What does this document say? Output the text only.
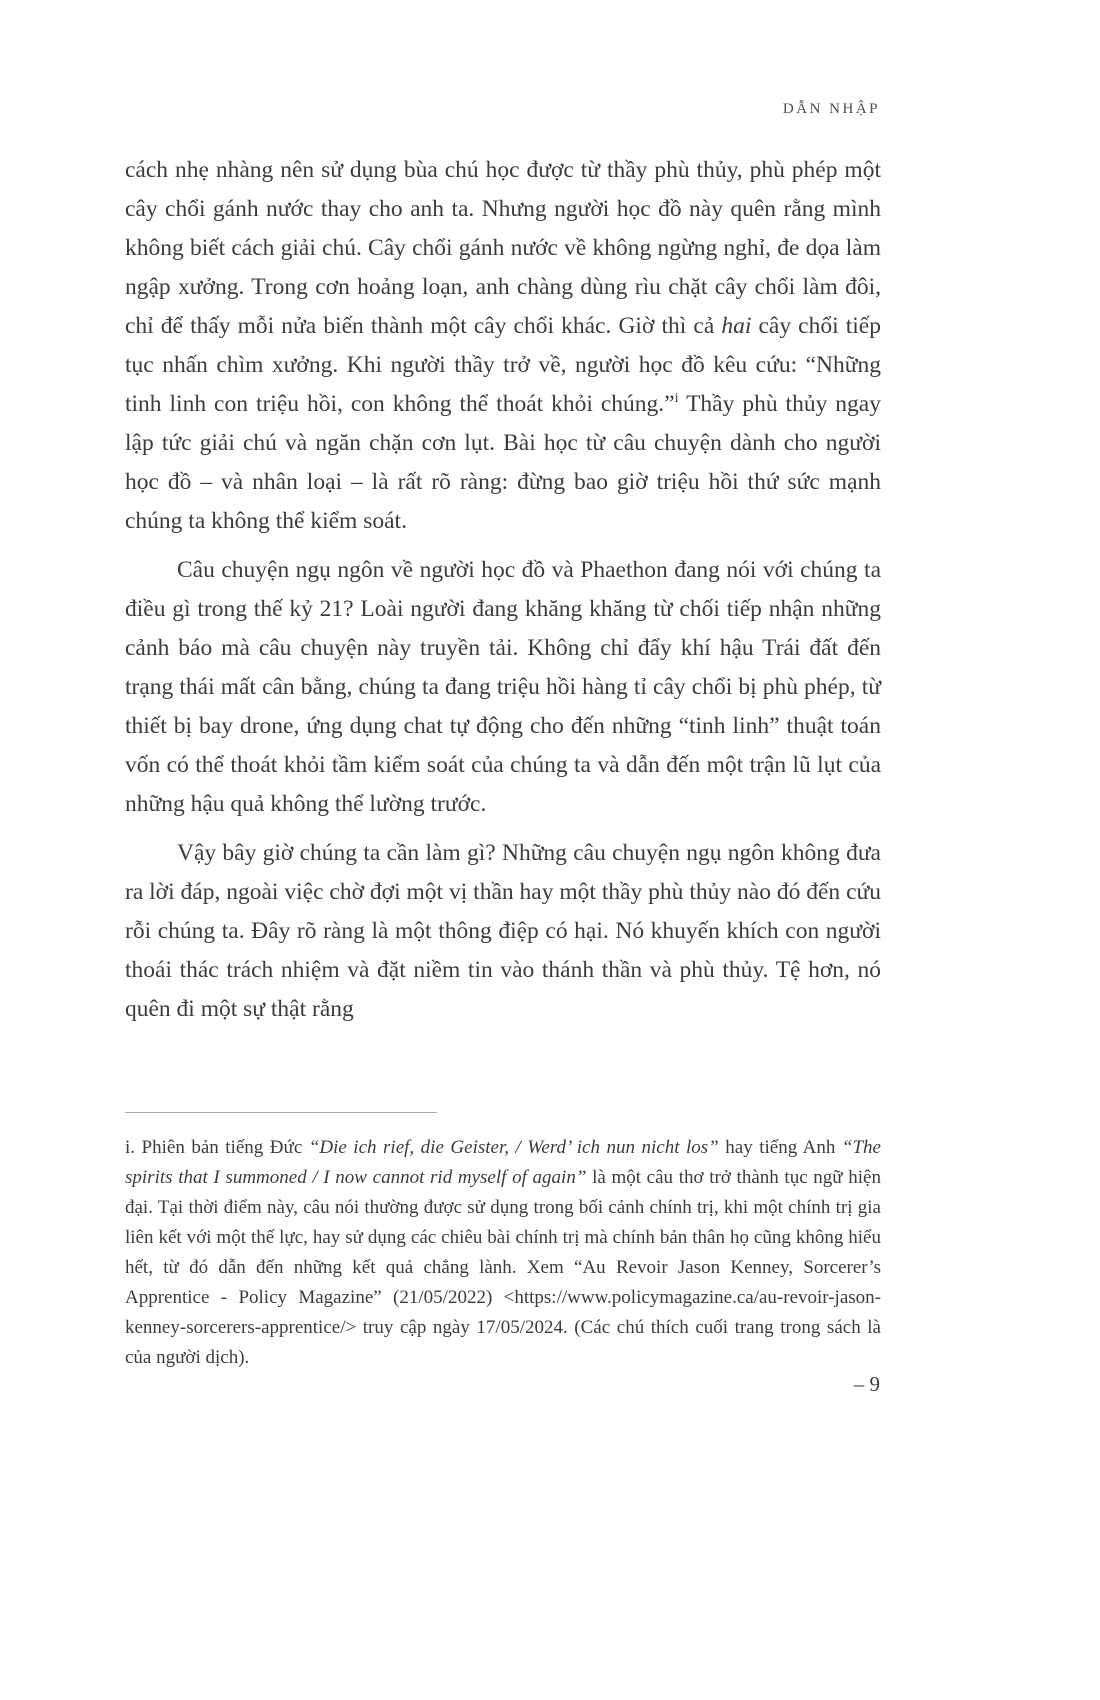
DẪN NHẬP

cách nhẹ nhàng nên sử dụng bùa chú học được từ thầy phù thủy, phù phép một cây chổi gánh nước thay cho anh ta. Nhưng người học đồ này quên rằng mình không biết cách giải chú. Cây chổi gánh nước về không ngừng nghỉ, đe dọa làm ngập xưởng. Trong cơn hoảng loạn, anh chàng dùng rìu chặt cây chổi làm đôi, chỉ để thấy mỗi nửa biến thành một cây chổi khác. Giờ thì cả hai cây chổi tiếp tục nhấn chìm xưởng. Khi người thầy trở về, người học đồ kêu cứu: “Những tinh linh con triệu hồi, con không thể thoát khỏi chúng.”$^i$ Thầy phù thủy ngay lập tức giải chú và ngăn chặn cơn lụt. Bài học từ câu chuyện dành cho người học đồ – và nhân loại – là rất rõ ràng: đừng bao giờ triệu hồi thứ sức mạnh chúng ta không thể kiểm soát.

Câu chuyện ngụ ngôn về người học đồ và Phaethon đang nói với chúng ta điều gì trong thế kỷ 21? Loài người đang khăng khăng từ chối tiếp nhận những cảnh báo mà câu chuyện này truyền tải. Không chỉ đẩy khí hậu Trái đất đến trạng thái mất cân bằng, chúng ta đang triệu hồi hàng tỉ cây chổi bị phù phép, từ thiết bị bay drone, ứng dụng chat tự động cho đến những “tinh linh” thuật toán vốn có thể thoát khỏi tầm kiểm soát của chúng ta và dẫn đến một trận lũ lụt của những hậu quả không thể lường trước.

Vậy bây giờ chúng ta cần làm gì? Những câu chuyện ngụ ngôn không đưa ra lời đáp, ngoài việc chờ đợi một vị thần hay một thầy phù thủy nào đó đến cứu rỗi chúng ta. Đây rõ ràng là một thông điệp có hại. Nó khuyến khích con người thoái thác trách nhiệm và đặt niềm tin vào thánh thần và phù thủy. Tệ hơn, nó quên đi một sự thật rằng

i. Phiên bản tiếng Đức “Die ich rief, die Geister, / Werd’ ich nun nicht los” hay tiếng Anh “The spirits that I summoned / I now cannot rid myself of again” là một câu thơ trở thành tục ngữ hiện đại. Tại thời điểm này, câu nói thường được sử dụng trong bối cảnh chính trị, khi một chính trị gia liên kết với một thế lực, hay sử dụng các chiêu bài chính trị mà chính bản thân họ cũng không hiểu hết, từ đó dẫn đến những kết quả chẳng lành. Xem “Au Revoir Jason Kenney, Sorcerer’s Apprentice - Policy Magazine” (21/05/2022) <https://www.policymagazine.ca/au-revoir-jason-kenney-sorcerers-apprentice/> truy cập ngày 17/05/2024. (Các chú thích cuối trang trong sách là của người dịch).

– 9
